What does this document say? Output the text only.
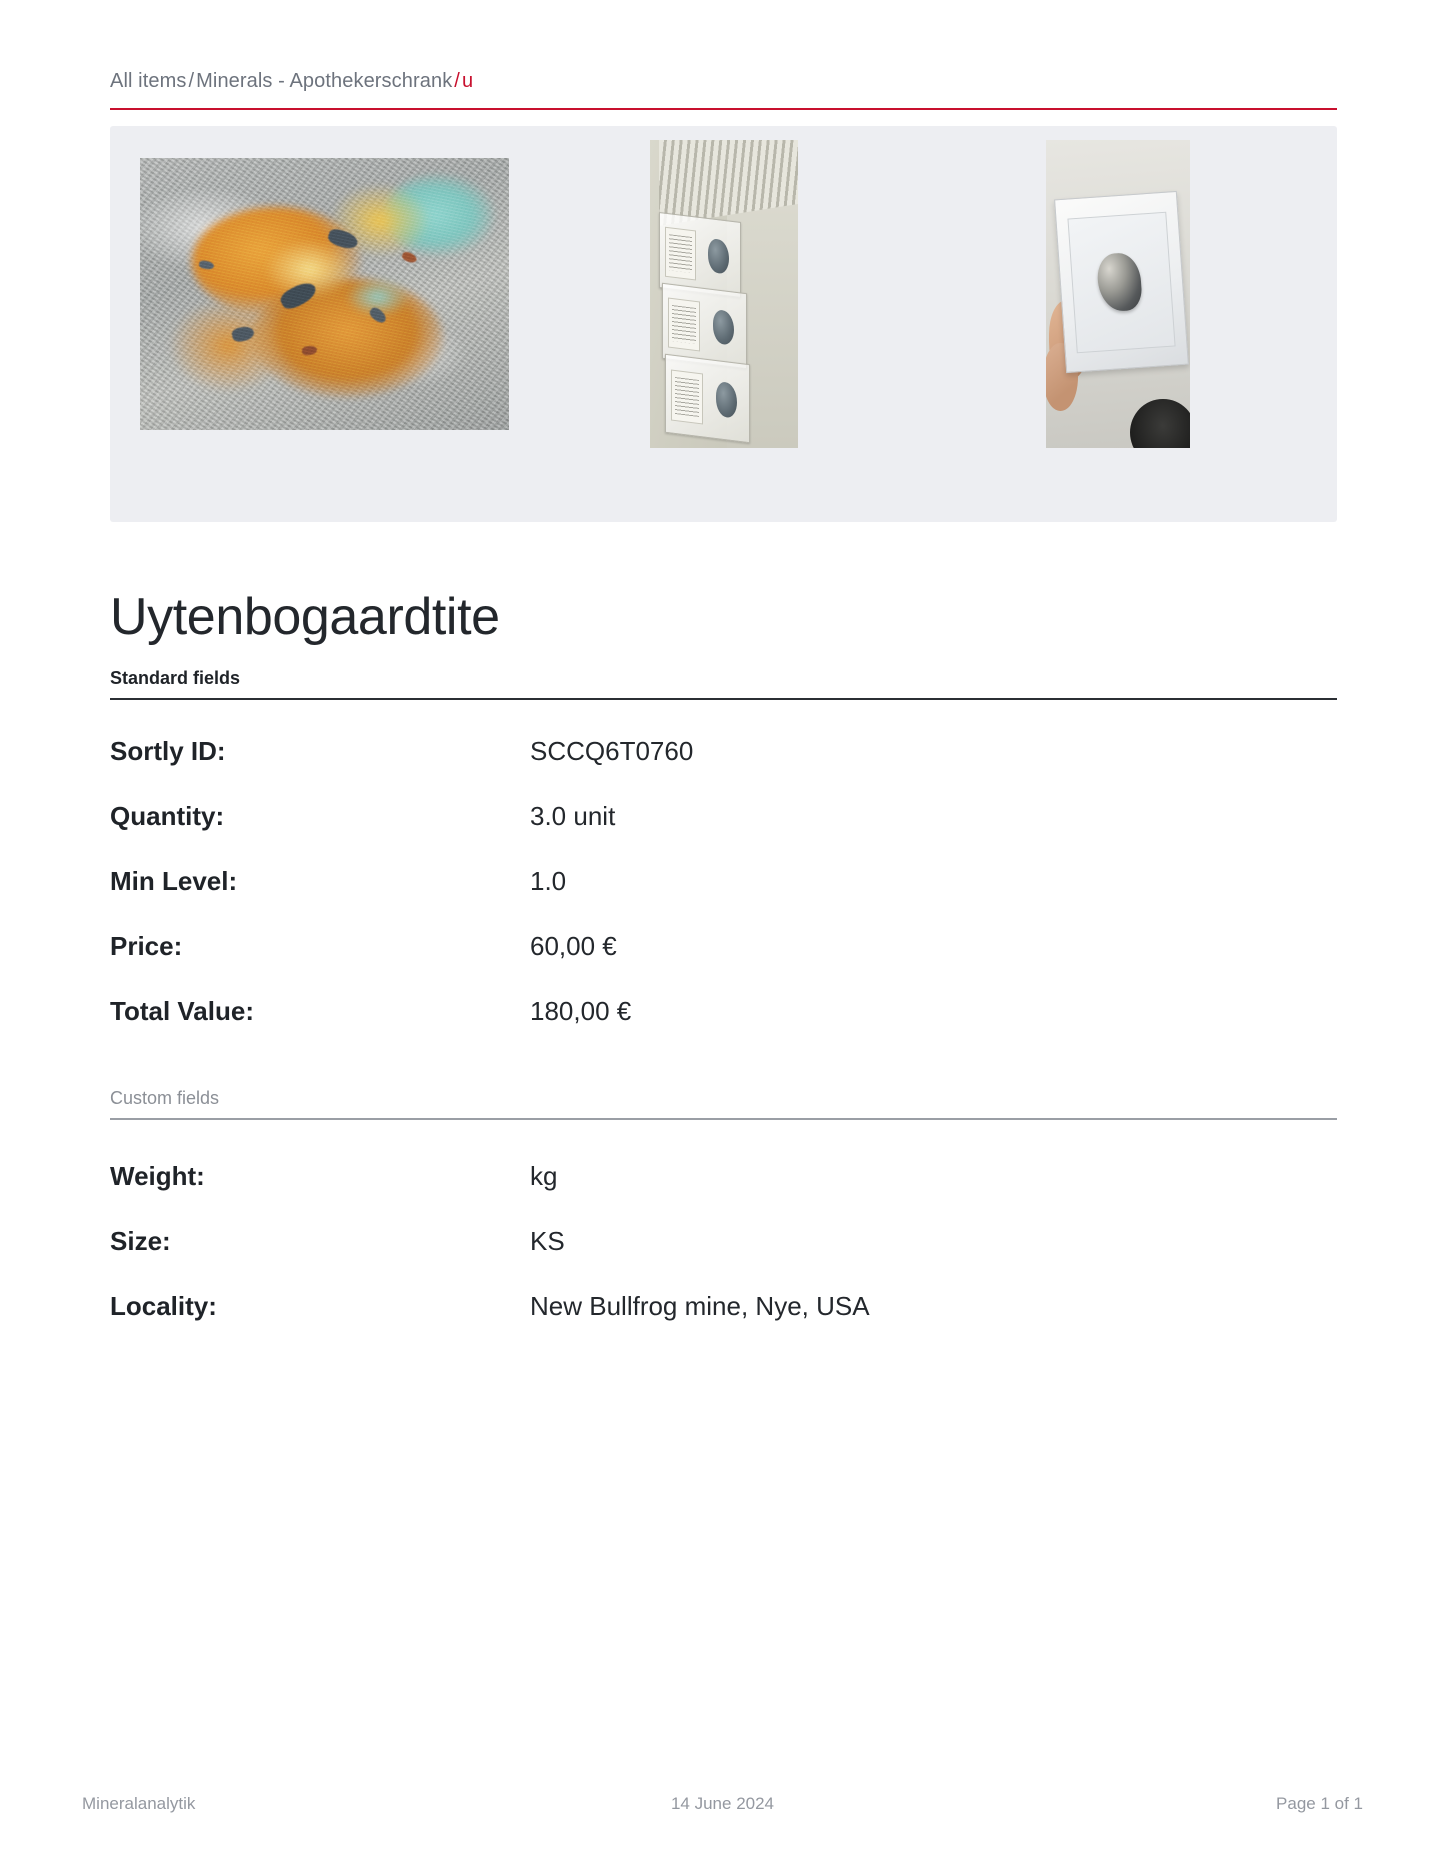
All items / Minerals - Apothekerschrank / u
Uytenbogaardtite
Standard fields
Sortly ID:	SCCQ6T0760
Quantity:	3.0 unit
Min Level:	1.0
Price:	60,00 €
Total Value:	180,00 €
Custom fields
Weight:	kg
Size:	KS
Locality:	New Bullfrog mine, Nye, USA
Mineralanalytik	14 June 2024	Page 1 of 1
